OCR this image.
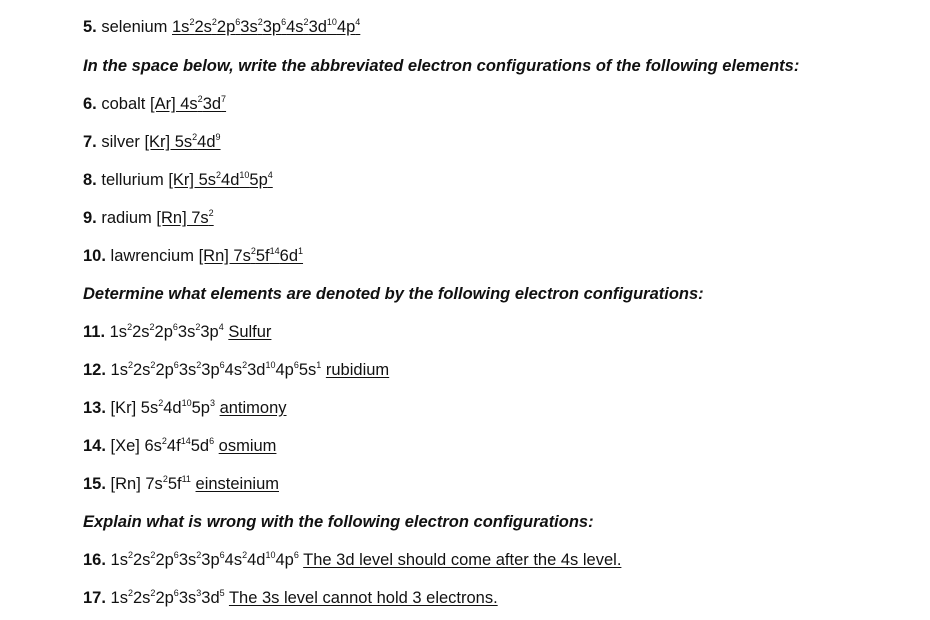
5. selenium $1s^22s^22p^63s^23p^64s^23d^{10}4p^4$
In the space below, write the abbreviated electron configurations of the following elements:
6. cobalt [Ar] $4s^23d^7$
7. silver [Kr] $5s^24d^9$
8. tellurium [Kr] $5s^24d^{10}5p^4$
9. radium [Rn] $7s^2$
10. lawrencium [Rn] $7s^25f^{14}6d^1$
Determine what elements are denoted by the following electron configurations:
11. $1s^22s^22p^63s^23p^4$ Sulfur
12. $1s^22s^22p^63s^23p^64s^23d^{10}4p^65s^1$ rubidium
13. [Kr] $5s^24d^{10}5p^3$ antimony
14. [Xe] $6s^24f^{14}5d^6$ osmium
15. [Rn] $7s^25f^{11}$ einsteinium
Explain what is wrong with the following electron configurations:
16. $1s^22s^22p^63s^23p^64s^24d^{10}4p^6$ The 3d level should come after the 4s level.
17. $1s^22s^22p^63s^33d^5$ The 3s level cannot hold 3 electrons.
